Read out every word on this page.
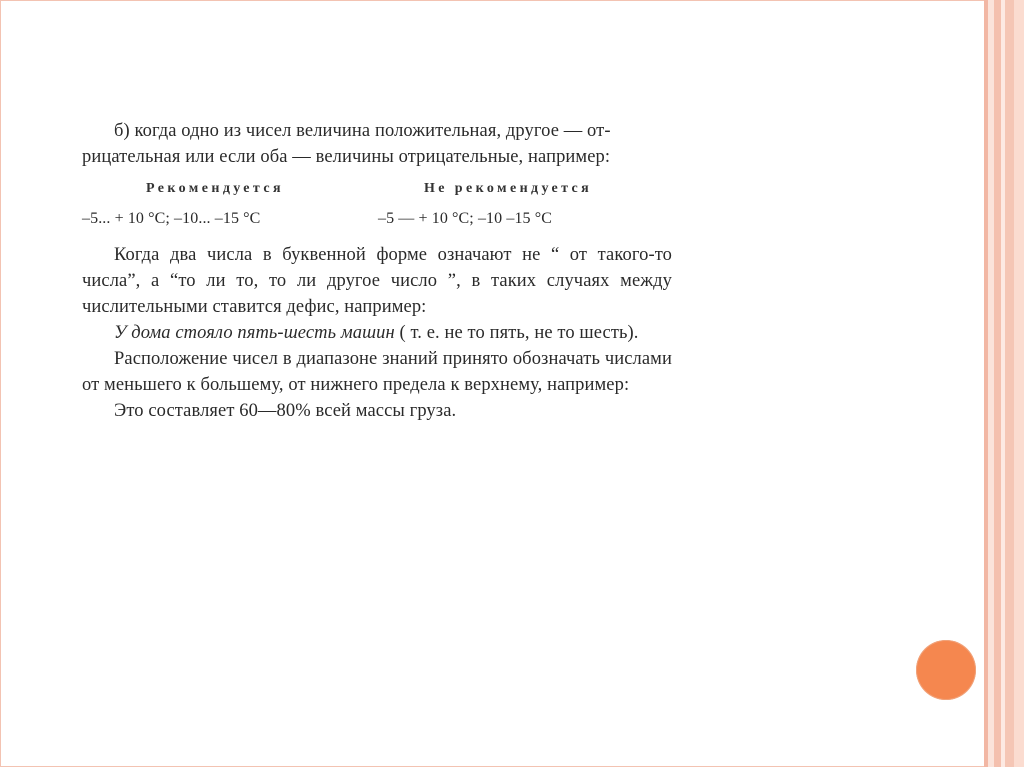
б) когда одно из чисел величина положительная, другое — от-

рицательная или если оба — величины отрицательные, например:

Рекомендуется	Не рекомендуется
–5... + 10 °С; –10... –15 °С	–5 — + 10 °С; –10 –15 °С

Когда два числа в буквенной форме означают не “ от такого-то числа”, а “то ли то, то ли другое число ”, в таких случаях между числительными ставится дефис, например:

У дома стояло пять-шесть машин ( т. е. не то пять, не то шесть).

Расположение чисел в диапазоне знаний принято обозначать числами от меньшего к большему, от нижнего предела к верхнему, например:

Это составляет 60—80% всей массы груза.
